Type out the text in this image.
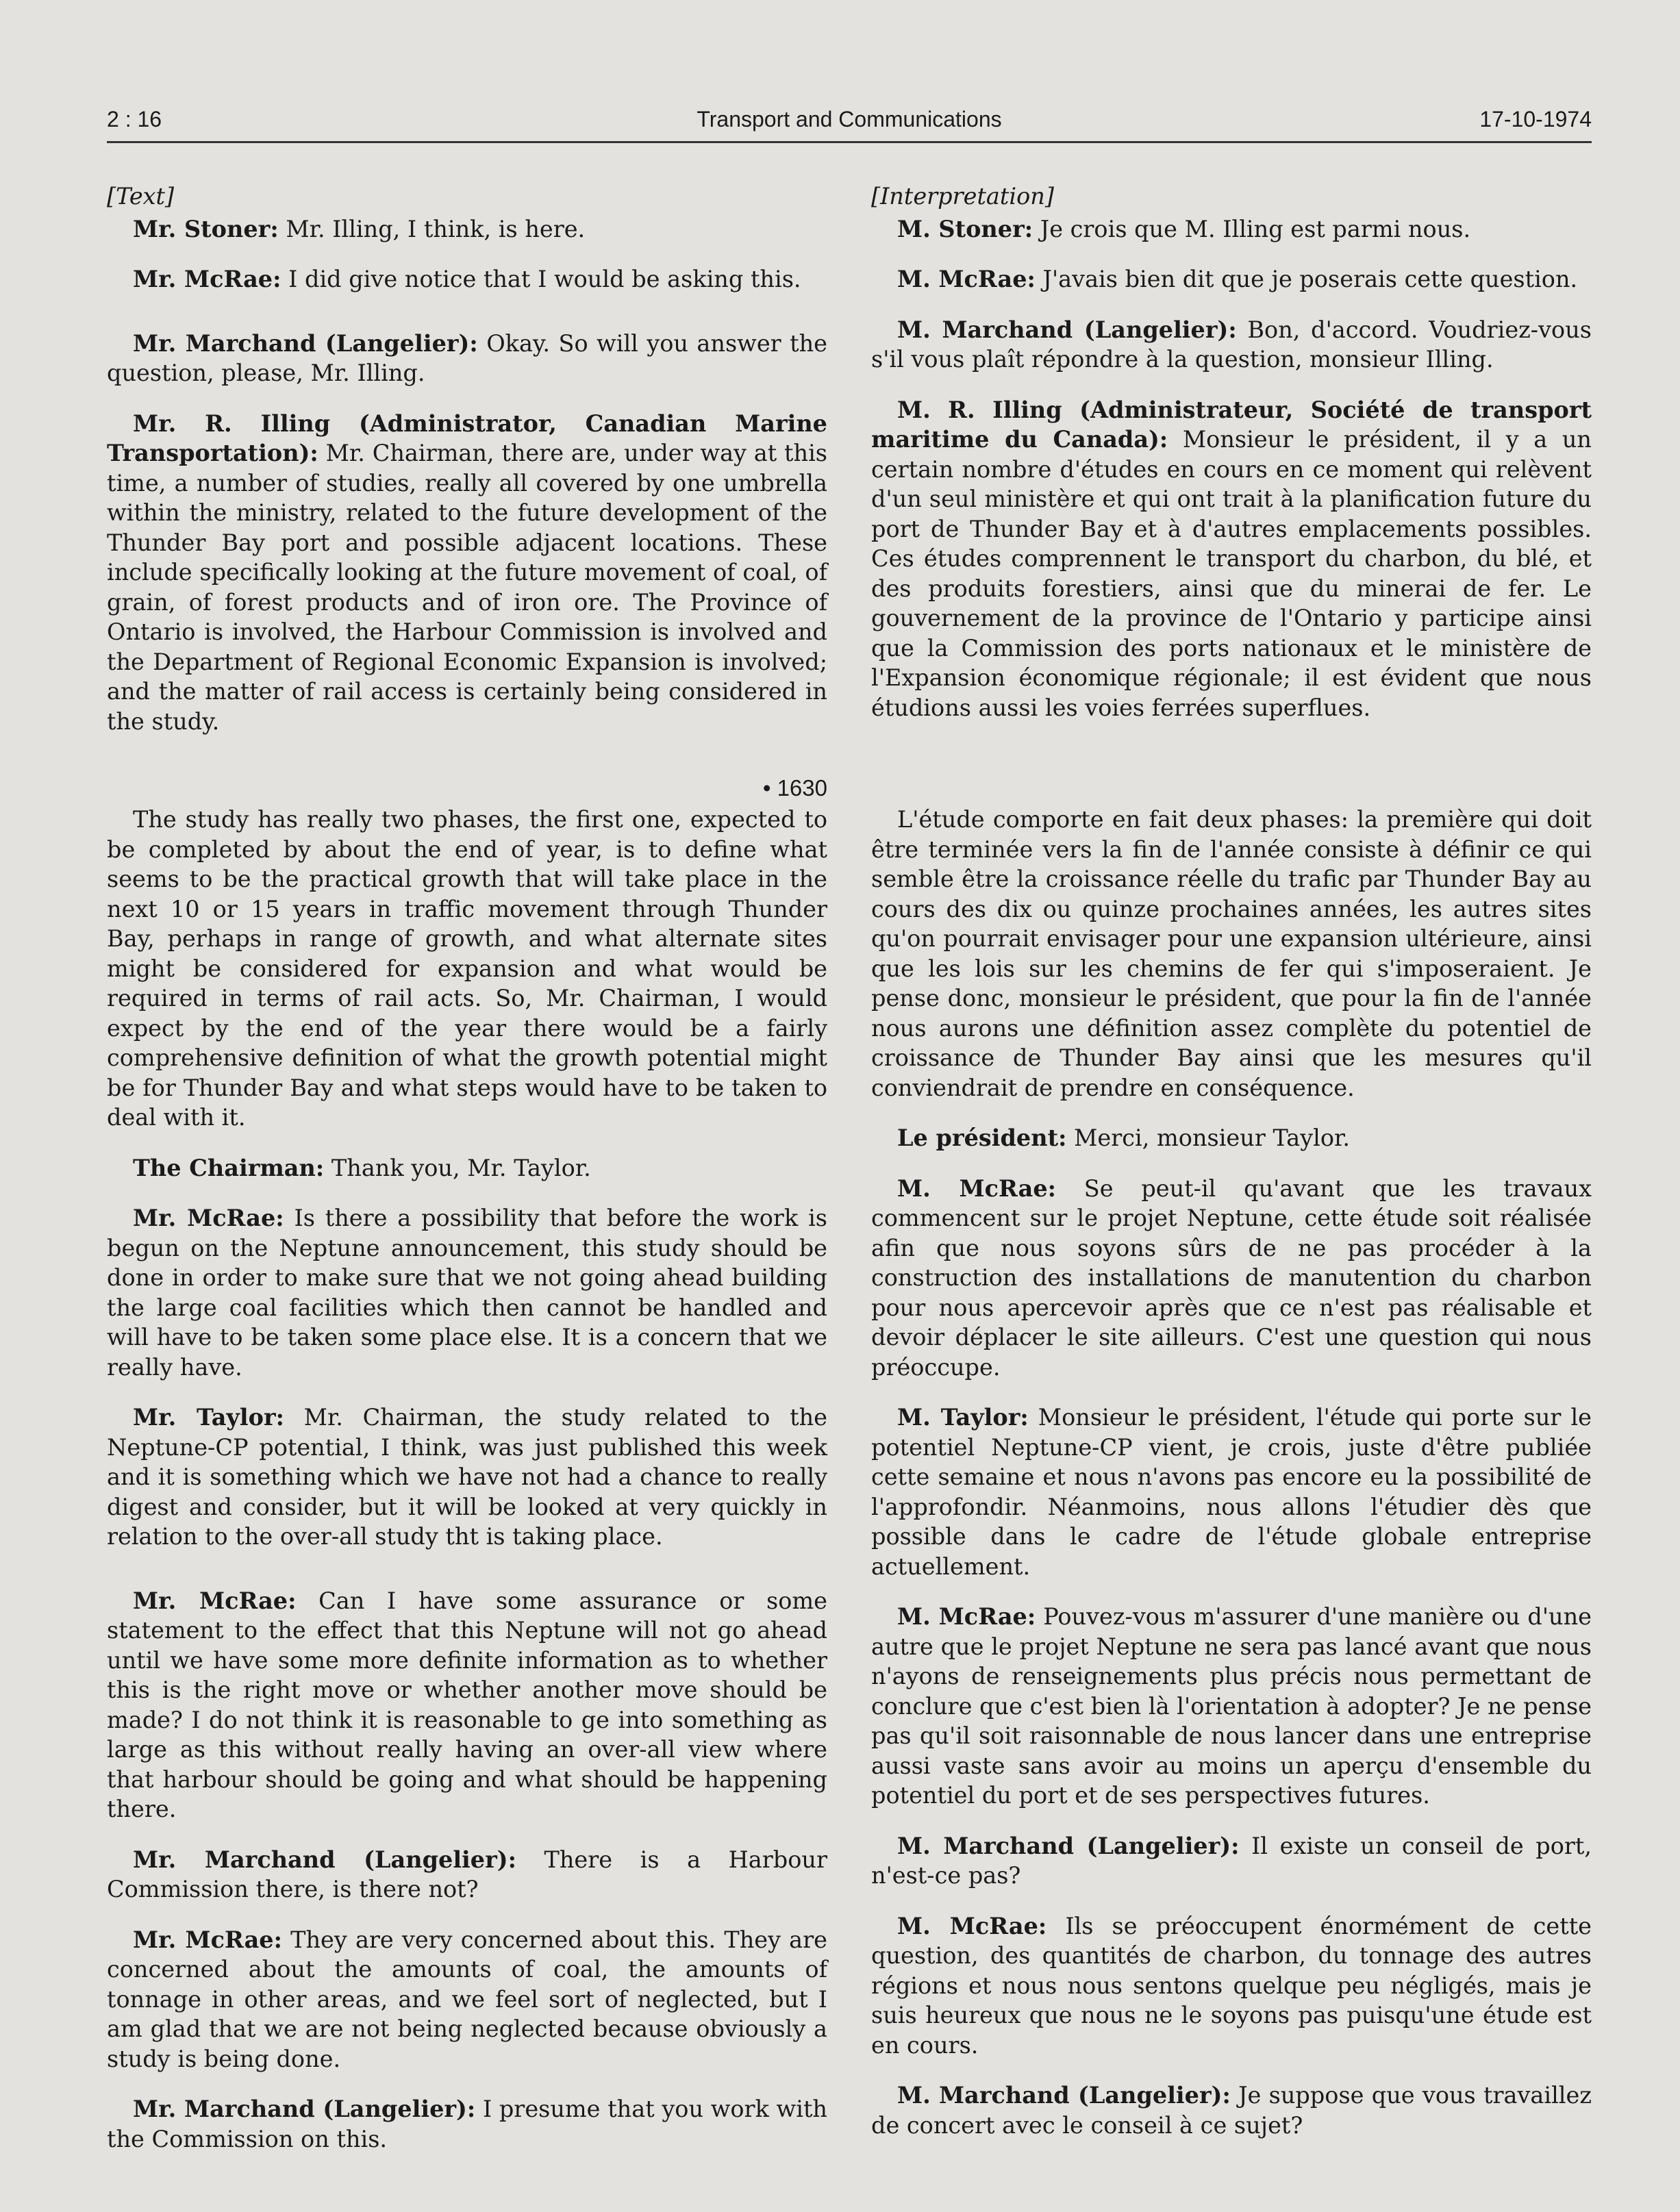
2 : 16	Transport and Communications	17-10-1974

[Text]

Mr. Stoner: Mr. Illing, I think, is here.

Mr. McRae: I did give notice that I would be asking this.

Mr. Marchand (Langelier): Okay. So will you answer the question, please, Mr. Illing.

Mr. R. Illing (Administrator, Canadian Marine Transportation): Mr. Chairman, there are, under way at this time, a number of studies, really all covered by one umbrella within the ministry, related to the future development of the Thunder Bay port and possible adjacent locations. These include specifically looking at the future movement of coal, of grain, of forest products and of iron ore. The Province of Ontario is involved, the Harbour Commission is involved and the Department of Regional Economic Expansion is involved; and the matter of rail access is certainly being considered in the study.

• 1630

The study has really two phases, the first one, expected to be completed by about the end of year, is to define what seems to be the practical growth that will take place in the next 10 or 15 years in traffic movement through Thunder Bay, perhaps in range of growth, and what alternate sites might be considered for expansion and what would be required in terms of rail acts. So, Mr. Chairman, I would expect by the end of the year there would be a fairly comprehensive definition of what the growth potential might be for Thunder Bay and what steps would have to be taken to deal with it.

The Chairman: Thank you, Mr. Taylor.

Mr. McRae: Is there a possibility that before the work is begun on the Neptune announcement, this study should be done in order to make sure that we not going ahead building the large coal facilities which then cannot be handled and will have to be taken some place else. It is a concern that we really have.

Mr. Taylor: Mr. Chairman, the study related to the Neptune-CP potential, I think, was just published this week and it is something which we have not had a chance to really digest and consider, but it will be looked at very quickly in relation to the over-all study tht is taking place.

Mr. McRae: Can I have some assurance or some statement to the effect that this Neptune will not go ahead until we have some more definite information as to whether this is the right move or whether another move should be made? I do not think it is reasonable to ge into something as large as this without really having an over-all view where that harbour should be going and what should be happening there.

Mr. Marchand (Langelier): There is a Harbour Commission there, is there not?

Mr. McRae: They are very concerned about this. They are concerned about the amounts of coal, the amounts of tonnage in other areas, and we feel sort of neglected, but I am glad that we are not being neglected because obviously a study is being done.

Mr. Marchand (Langelier): I presume that you work with the Commission on this.

[Interpretation]

M. Stoner: Je crois que M. Illing est parmi nous.

M. McRae: J'avais bien dit que je poserais cette question.

M. Marchand (Langelier): Bon, d'accord. Voudriez-vous s'il vous plaît répondre à la question, monsieur Illing.

M. R. Illing (Administrateur, Société de transport maritime du Canada): Monsieur le président, il y a un certain nombre d'études en cours en ce moment qui relèvent d'un seul ministère et qui ont trait à la planification future du port de Thunder Bay et à d'autres emplacements possibles. Ces études comprennent le transport du charbon, du blé, et des produits forestiers, ainsi que du minerai de fer. Le gouvernement de la province de l'Ontario y participe ainsi que la Commission des ports nationaux et le ministère de l'Expansion économique régionale; il est évident que nous étudions aussi les voies ferrées superflues.

L'étude comporte en fait deux phases: la première qui doit être terminée vers la fin de l'année consiste à définir ce qui semble être la croissance réelle du trafic par Thunder Bay au cours des dix ou quinze prochaines années, les autres sites qu'on pourrait envisager pour une expansion ultérieure, ainsi que les lois sur les chemins de fer qui s'imposeraient. Je pense donc, monsieur le président, que pour la fin de l'année nous aurons une définition assez complète du potentiel de croissance de Thunder Bay ainsi que les mesures qu'il conviendrait de prendre en conséquence.

Le président: Merci, monsieur Taylor.

M. McRae: Se peut-il qu'avant que les travaux commencent sur le projet Neptune, cette étude soit réalisée afin que nous soyons sûrs de ne pas procéder à la construction des installations de manutention du charbon pour nous apercevoir après que ce n'est pas réalisable et devoir déplacer le site ailleurs. C'est une question qui nous préoccupe.

M. Taylor: Monsieur le président, l'étude qui porte sur le potentiel Neptune-CP vient, je crois, juste d'être publiée cette semaine et nous n'avons pas encore eu la possibilité de l'approfondir. Néanmoins, nous allons l'étudier dès que possible dans le cadre de l'étude globale entreprise actuellement.

M. McRae: Pouvez-vous m'assurer d'une manière ou d'une autre que le projet Neptune ne sera pas lancé avant que nous n'ayons de renseignements plus précis nous permettant de conclure que c'est bien là l'orientation à adopter? Je ne pense pas qu'il soit raisonnable de nous lancer dans une entreprise aussi vaste sans avoir au moins un aperçu d'ensemble du potentiel du port et de ses perspectives futures.

M. Marchand (Langelier): Il existe un conseil de port, n'est-ce pas?

M. McRae: Ils se préoccupent énormément de cette question, des quantités de charbon, du tonnage des autres régions et nous nous sentons quelque peu négligés, mais je suis heureux que nous ne le soyons pas puisqu'une étude est en cours.

M. Marchand (Langelier): Je suppose que vous travaillez de concert avec le conseil à ce sujet?
